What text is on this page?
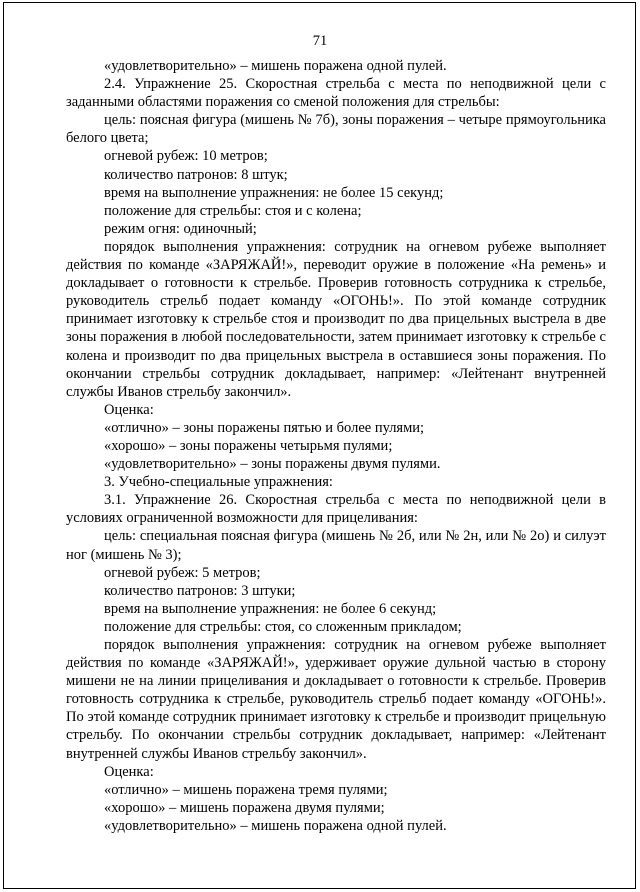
71

«удовлетворительно» – мишень поражена одной пулей.

2.4. Упражнение 25. Скоростная стрельба с места по неподвижной цели с заданными областями поражения со сменой положения для стрельбы:

цель: поясная фигура (мишень № 7б), зоны поражения – четыре прямоугольника белого цвета;

огневой рубеж: 10 метров;

количество патронов: 8 штук;

время на выполнение упражнения: не более 15 секунд;

положение для стрельбы: стоя и с колена;

режим огня: одиночный;

порядок выполнения упражнения: сотрудник на огневом рубеже выполняет действия по команде «ЗАРЯЖАЙ!», переводит оружие в положение «На ремень» и докладывает о готовности к стрельбе. Проверив готовность сотрудника к стрельбе, руководитель стрельб подает команду «ОГОНЬ!». По этой команде сотрудник принимает изготовку к стрельбе стоя и производит по два прицельных выстрела в две зоны поражения в любой последовательности, затем принимает изготовку к стрельбе с колена и производит по два прицельных выстрела в оставшиеся зоны поражения. По окончании стрельбы сотрудник докладывает, например: «Лейтенант внутренней службы Иванов стрельбу закончил».

Оценка:

«отлично» – зоны поражены пятью и более пулями;

«хорошо» – зоны поражены четырьмя пулями;

«удовлетворительно» – зоны поражены двумя пулями.

3. Учебно-специальные упражнения:

3.1. Упражнение 26. Скоростная стрельба с места по неподвижной цели в условиях ограниченной возможности для прицеливания:

цель: специальная поясная фигура (мишень № 2б, или № 2н, или № 2о) и силуэт ног (мишень № 3);

огневой рубеж: 5 метров;

количество патронов: 3 штуки;

время на выполнение упражнения: не более 6 секунд;

положение для стрельбы: стоя, со сложенным прикладом;

порядок выполнения упражнения: сотрудник на огневом рубеже выполняет действия по команде «ЗАРЯЖАЙ!», удерживает оружие дульной частью в сторону мишени не на линии прицеливания и докладывает о готовности к стрельбе. Проверив готовность сотрудника к стрельбе, руководитель стрельб подает команду «ОГОНЬ!». По этой команде сотрудник принимает изготовку к стрельбе и производит прицельную стрельбу. По окончании стрельбы сотрудник докладывает, например: «Лейтенант внутренней службы Иванов стрельбу закончил».

Оценка:

«отлично» – мишень поражена тремя пулями;

«хорошо» – мишень поражена двумя пулями;

«удовлетворительно» – мишень поражена одной пулей.
